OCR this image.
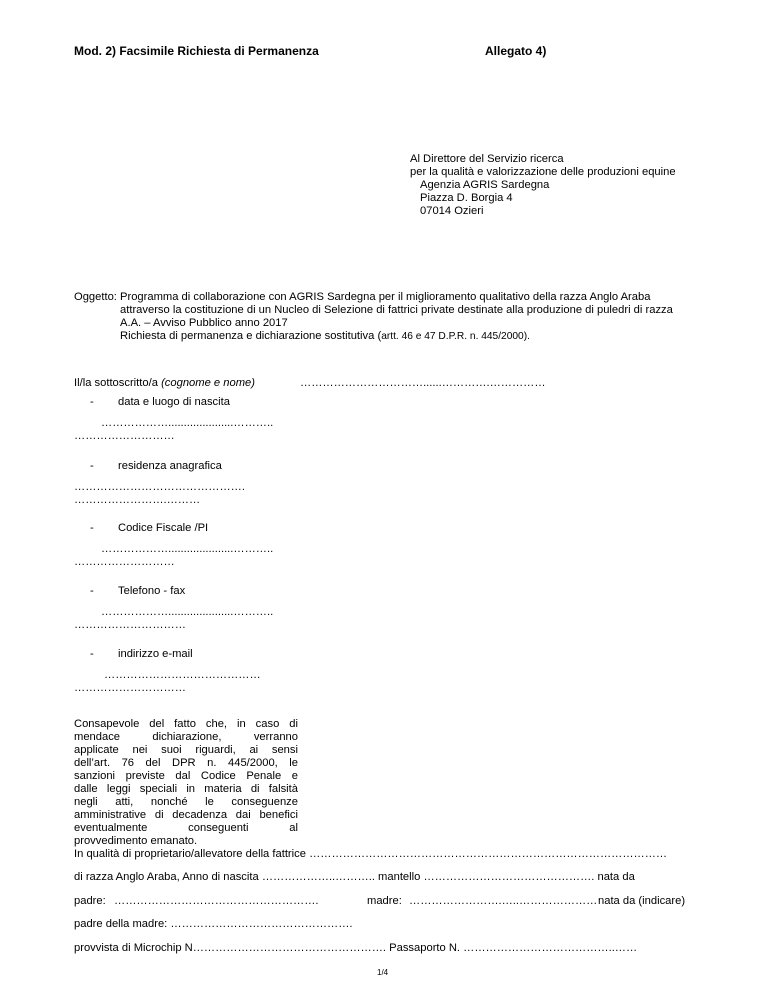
Mod. 2) Facsimile Richiesta di Permanenza	Allegato 4)
Al Direttore del Servizio ricerca
per la qualità e valorizzazione delle produzioni equine
Agenzia AGRIS Sardegna
Piazza D. Borgia 4
07014 Ozieri
Oggetto: Programma di collaborazione con AGRIS Sardegna per il miglioramento qualitativo della razza Anglo Araba
attraverso la costituzione di un Nucleo di Selezione di fattrici private destinate alla produzione di puledri di razza
A.A. – Avviso Pubblico anno 2017
Richiesta di permanenza e dichiarazione sostitutiva (artt. 46 e 47 D.P.R. n. 445/2000).
Il/la sottoscritto/a (cognome e nome)	……………………………......………….……………
- data e luogo di nascita
……………….....................………..
………………………
- residenza anagrafica
……………………………………….
…………………….………
- Codice Fiscale /PI
……………….....................………..
………………………
- Telefono - fax
……………….....................………..
…………………………
- indirizzo e-mail
……………………………………
…………………………
Consapevole del fatto che, in caso di
mendace dichiarazione, verranno
applicate nei suoi riguardi, ai sensi
dell’art. 76 del DPR n. 445/2000, le
sanzioni previste dal Codice Penale e
dalle leggi speciali in materia di falsità
negli atti, nonché le conseguenze
amministrative di decadenza dai benefici
eventualmente conseguenti al
provvedimento emanato.
In qualità di proprietario/allevatore della fattrice ……………………………………………………………………………………
di razza Anglo Araba, Anno di nascita ………………..……….. mantello ………………………………………. nata da
padre: ……………………………………………….	madre: …………………….…..………………… nata da (indicare)
padre della madre: ………………………………………….
provvista di Microchip N……………………………………………. Passaporto N. …………………………………..……
1/4
